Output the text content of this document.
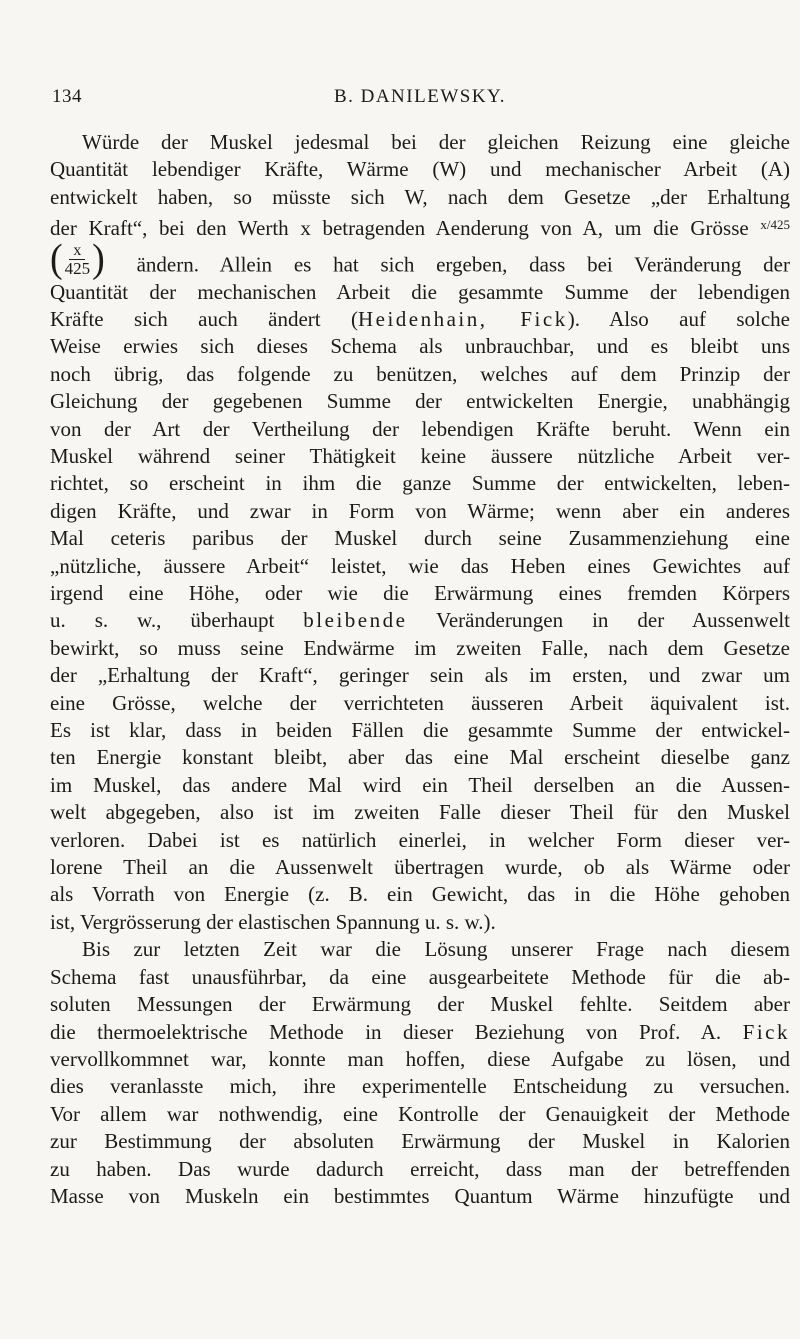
134	B. DANILEWSKY.

Würde der Muskel jedesmal bei der gleichen Reizung eine gleiche
Quantität lebendiger Kräfte, Wärme (W) und mechanischer Arbeit (A)
entwickelt haben, so müsste sich W, nach dem Gesetze „der Erhaltung
der Kraft“, bei den Werth x betragenden Aenderung von A, um die Grösse $^{x/425}$
( $\frac{x}{425}$ ) ändern. Allein es hat sich ergeben, dass bei Veränderung der
Quantität der mechanischen Arbeit die gesammte Summe der lebendigen
Kräfte sich auch ändert (Heidenhain, Fick). Also auf solche
Weise erwies sich dieses Schema als unbrauchbar, und es bleibt uns
noch übrig, das folgende zu benützen, welches auf dem Prinzip der
Gleichung der gegebenen Summe der entwickelten Energie, unabhängig
von der Art der Vertheilung der lebendigen Kräfte beruht. Wenn ein
Muskel während seiner Thätigkeit keine äussere nützliche Arbeit ver-
richtet, so erscheint in ihm die ganze Summe der entwickelten, leben-
digen Kräfte, und zwar in Form von Wärme; wenn aber ein anderes
Mal ceteris paribus der Muskel durch seine Zusammenziehung eine
„nützliche, äussere Arbeit“ leistet, wie das Heben eines Gewichtes auf
irgend eine Höhe, oder wie die Erwärmung eines fremden Körpers
u. s. w., überhaupt bleibende Veränderungen in der Aussenwelt
bewirkt, so muss seine Endwärme im zweiten Falle, nach dem Gesetze
der „Erhaltung der Kraft“, geringer sein als im ersten, und zwar um
eine Grösse, welche der verrichteten äusseren Arbeit äquivalent ist.
Es ist klar, dass in beiden Fällen die gesammte Summe der entwickel-
ten Energie konstant bleibt, aber das eine Mal erscheint dieselbe ganz
im Muskel, das andere Mal wird ein Theil derselben an die Aussen-
welt abgegeben, also ist im zweiten Falle dieser Theil für den Muskel
verloren. Dabei ist es natürlich einerlei, in welcher Form dieser ver-
lorene Theil an die Aussenwelt übertragen wurde, ob als Wärme oder
als Vorrath von Energie (z. B. ein Gewicht, das in die Höhe gehoben
ist, Vergrösserung der elastischen Spannung u. s. w.).

Bis zur letzten Zeit war die Lösung unserer Frage nach diesem
Schema fast unausführbar, da eine ausgearbeitete Methode für die ab-
soluten Messungen der Erwärmung der Muskel fehlte. Seitdem aber
die thermoelektrische Methode in dieser Beziehung von Prof. A. Fick
vervollkommnet war, konnte man hoffen, diese Aufgabe zu lösen, und
dies veranlasste mich, ihre experimentelle Entscheidung zu versuchen.
Vor allem war nothwendig, eine Kontrolle der Genauigkeit der Methode
zur Bestimmung der absoluten Erwärmung der Muskel in Kalorien
zu haben. Das wurde dadurch erreicht, dass man der betreffenden
Masse von Muskeln ein bestimmtes Quantum Wärme hinzufügte und
